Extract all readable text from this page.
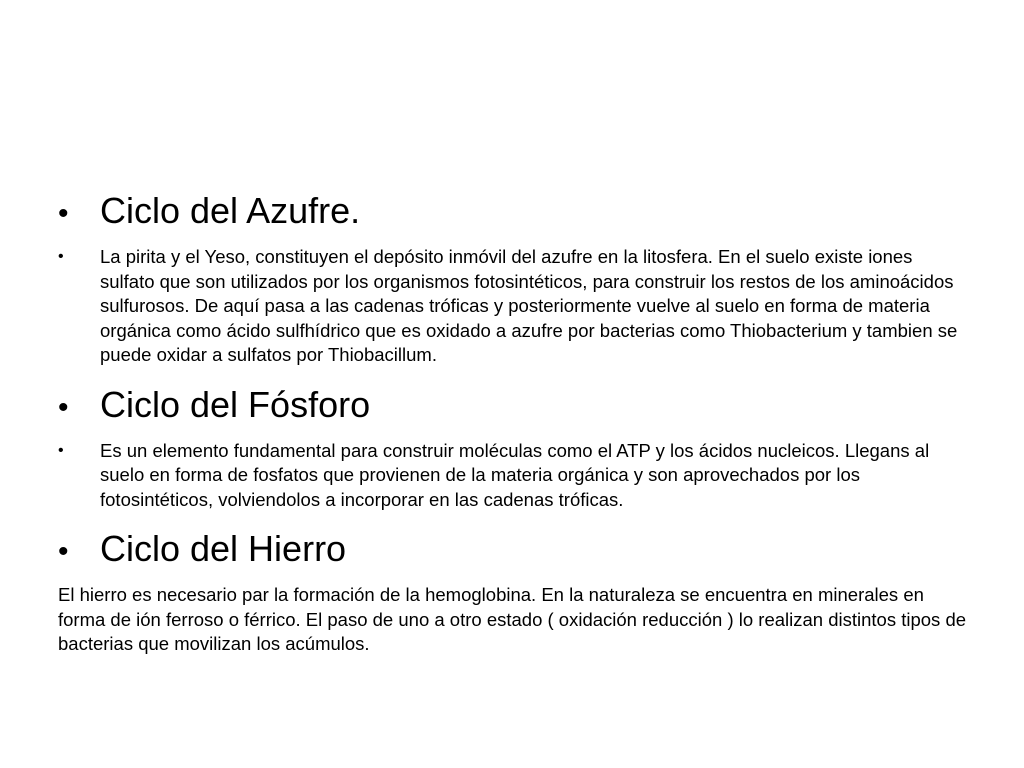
• Ciclo del Azufre.
•	La pirita y el Yeso, constituyen el depósito inmóvil del azufre en la litosfera. En el suelo existe iones sulfato que son utilizados por los organismos fotosintéticos, para construir los restos de los aminoácidos sulfurosos. De aquí pasa a las cadenas tróficas y posteriormente vuelve al suelo en forma de materia orgánica como ácido sulfhídrico que es oxidado a azufre por bacterias como Thiobacterium y tambien se puede oxidar a sulfatos por Thiobacillum.
• Ciclo del Fósforo
•	Es un elemento fundamental para construir moléculas como el ATP y los ácidos nucleicos. Llegans al suelo en forma de fosfatos que provienen de la materia orgánica y son aprovechados por los fotosintéticos, volviendolos a incorporar en las cadenas tróficas.
• Ciclo del Hierro
El hierro es necesario par la formación de la hemoglobina. En la naturaleza se encuentra en minerales en forma de ión ferroso o férrico. El paso de uno a otro estado ( oxidación reducción ) lo realizan distintos tipos de bacterias que movilizan los acúmulos.
